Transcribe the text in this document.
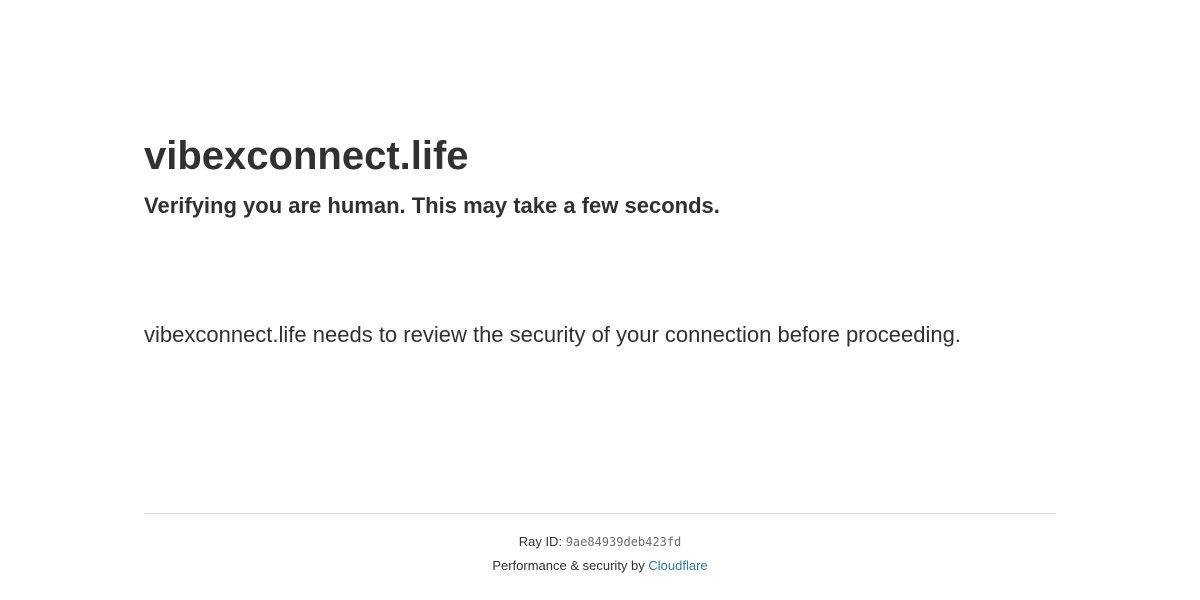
vibexconnect.life
Verifying you are human. This may take a few seconds.

vibexconnect.life needs to review the security of your connection before proceeding.

Ray ID: 9ae84939deb423fd
Performance & security by Cloudflare
